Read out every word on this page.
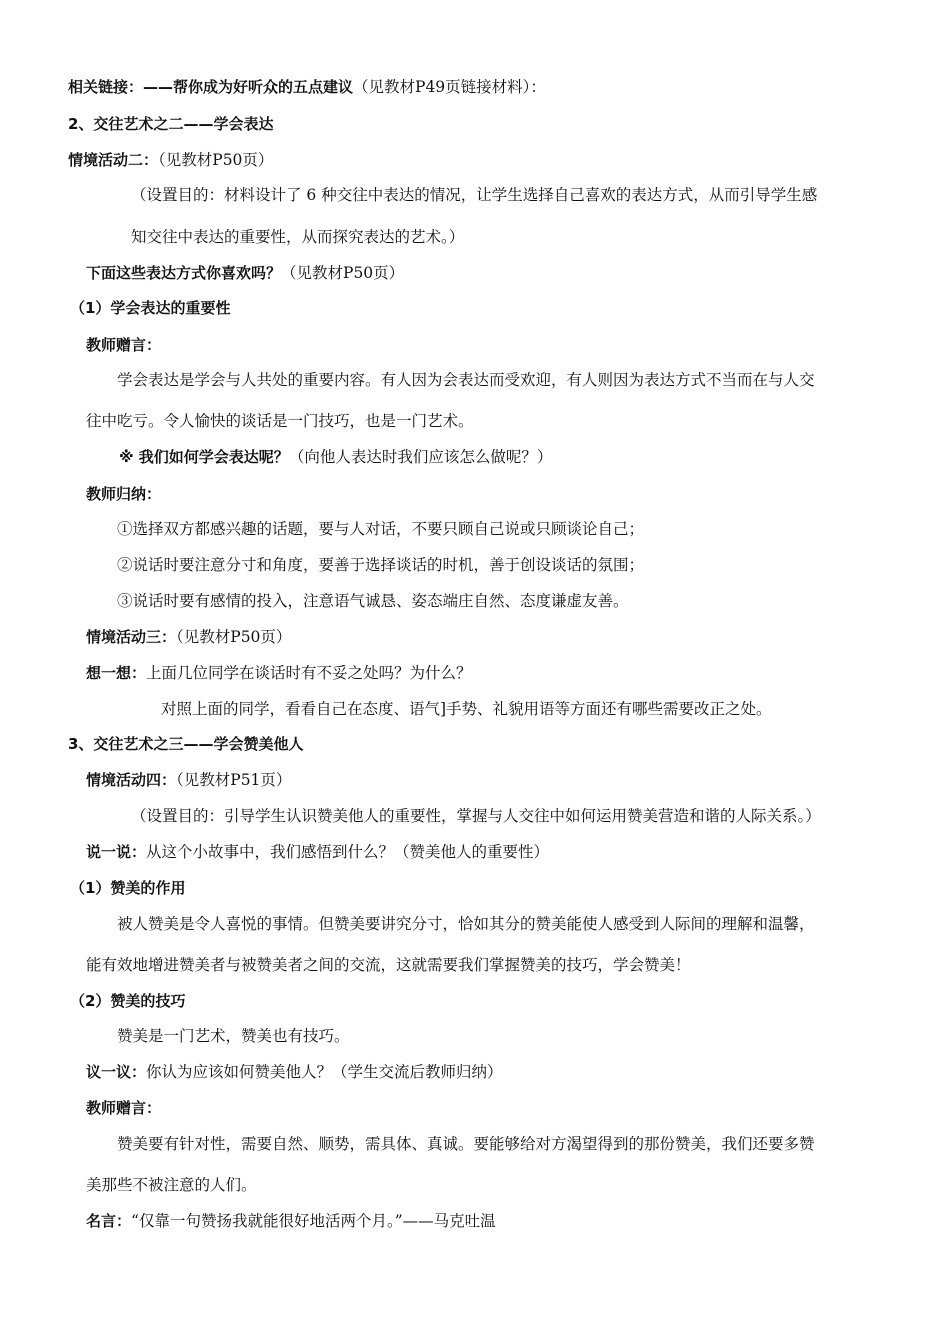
相关链接：——帮你成为好听众的五点建议（见教材P49页链接材料）：
2、交往艺术之二——学会表达
情境活动二：（见教材P50页）
（设置目的：材料设计了 6 种交往中表达的情况，让学生选择自己喜欢的表达方式，从而引导学生感
知交往中表达的重要性，从而探究表达的艺术。）
下面这些表达方式你喜欢吗？（见教材P50页）
（1）学会表达的重要性
教师赠言：
学会表达是学会与人共处的重要内容。有人因为会表达而受欢迎，有人则因为表达方式不当而在与人交
往中吃亏。令人愉快的谈话是一门技巧，也是一门艺术。
※ 我们如何学会表达呢？（向他人表达时我们应该怎么做呢？）
教师归纳：
①选择双方都感兴趣的话题，要与人对话，不要只顾自己说或只顾谈论自己；
②说话时要注意分寸和角度，要善于选择谈话的时机，善于创设谈话的氛围；
③说话时要有感情的投入，注意语气诚恳、姿态端庄自然、态度谦虚友善。
情境活动三：（见教材P50页）
想一想：上面几位同学在谈话时有不妥之处吗？为什么？
对照上面的同学，看看自己在态度、语气]手势、礼貌用语等方面还有哪些需要改正之处。
3、交往艺术之三——学会赞美他人
情境活动四：（见教材P51页）
（设置目的：引导学生认识赞美他人的重要性，掌握与人交往中如何运用赞美营造和谐的人际关系。）
说一说：从这个小故事中，我们感悟到什么？（赞美他人的重要性）
（1）赞美的作用
被人赞美是令人喜悦的事情。但赞美要讲究分寸，恰如其分的赞美能使人感受到人际间的理解和温馨，
能有效地增进赞美者与被赞美者之间的交流，这就需要我们掌握赞美的技巧，学会赞美！
（2）赞美的技巧
赞美是一门艺术，赞美也有技巧。
议一议：你认为应该如何赞美他人？（学生交流后教师归纳）
教师赠言：
赞美要有针对性，需要自然、顺势，需具体、真诚。要能够给对方渴望得到的那份赞美，我们还要多赞
美那些不被注意的人们。
名言：“仅靠一句赞扬我就能很好地活两个月。”——马克吐温
